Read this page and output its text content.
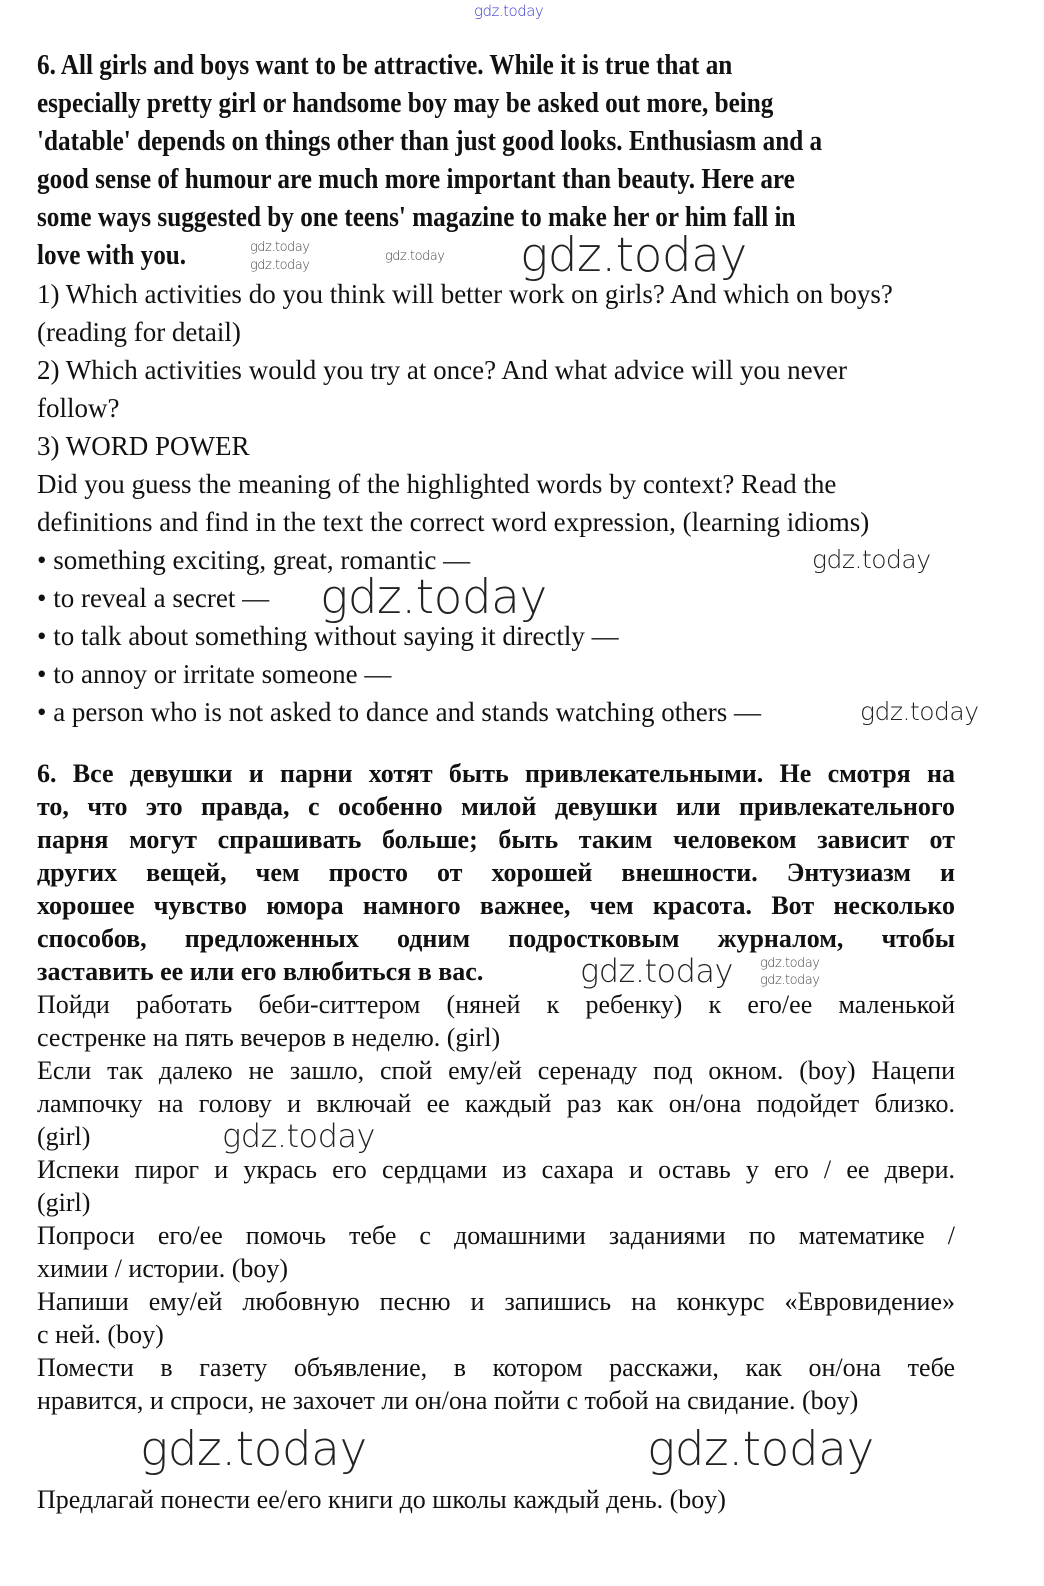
6. All girls and boys want to be attractive. While it is true that an
especially pretty girl or handsome boy may be asked out more, being
'datable' depends on things other than just good looks. Enthusiasm and a
good sense of humour are much more important than beauty. Here are
some ways suggested by one teens' magazine to make her or him fall in
love with you.
1) Which activities do you think will better work on girls? And which on boys?
(reading for detail)
2) Which activities would you try at once? And what advice will you never
follow?
3) WORD POWER
Did you guess the meaning of the highlighted words by context? Read the
definitions and find in the text the correct word expression, (learning idioms)
• something exciting, great, romantic —
• to reveal a secret —
• to talk about something without saying it directly —
• to annoy or irritate someone —
• a person who is not asked to dance and stands watching others —
6. Все девушки и парни хотят быть привлекательными. Не смотря на
то, что это правда, с особенно милой девушки или привлекательного
парня могут спрашивать больше; быть таким человеком зависит от
других вещей, чем просто от хорошей внешности. Энтузиазм и
хорошее чувство юмора намного важнее, чем красота. Вот несколько
способов, предложенных одним подростковым журналом, чтобы
заставить ее или его влюбиться в вас.
Пойди работать беби-ситтером (няней к ребенку) к его/ее маленькой
сестренке на пять вечеров в неделю. (girl)
Если так далеко не зашло, спой ему/ей серенаду под окном. (boy) Нацепи
лампочку на голову и включай ее каждый раз как он/она подойдет близко.
(girl)
Испеки пирог и укрась его сердцами из сахара и оставь у его / ее двери.
(girl)
Попроси его/ее помочь тебе с домашними заданиями по математике /
химии / истории. (boy)
Напиши ему/ей любовную песню и запишись на конкурс «Евровидение»
с ней. (boy)
Помести в газету объявление, в котором расскажи, как он/она тебе
нравится, и спроси, не захочет ли он/она пойти с тобой на свидание. (boy)
Предлагай понести ее/его книги до школы каждый день. (boy)
gdz.today
gdz.today
gdz.today
gdz.today gdz.today
gdz.today
gdz.today
gdz.today
gdz.today
gdz.today
gdz.today
gdz.today
gdz.today	gdz.today
